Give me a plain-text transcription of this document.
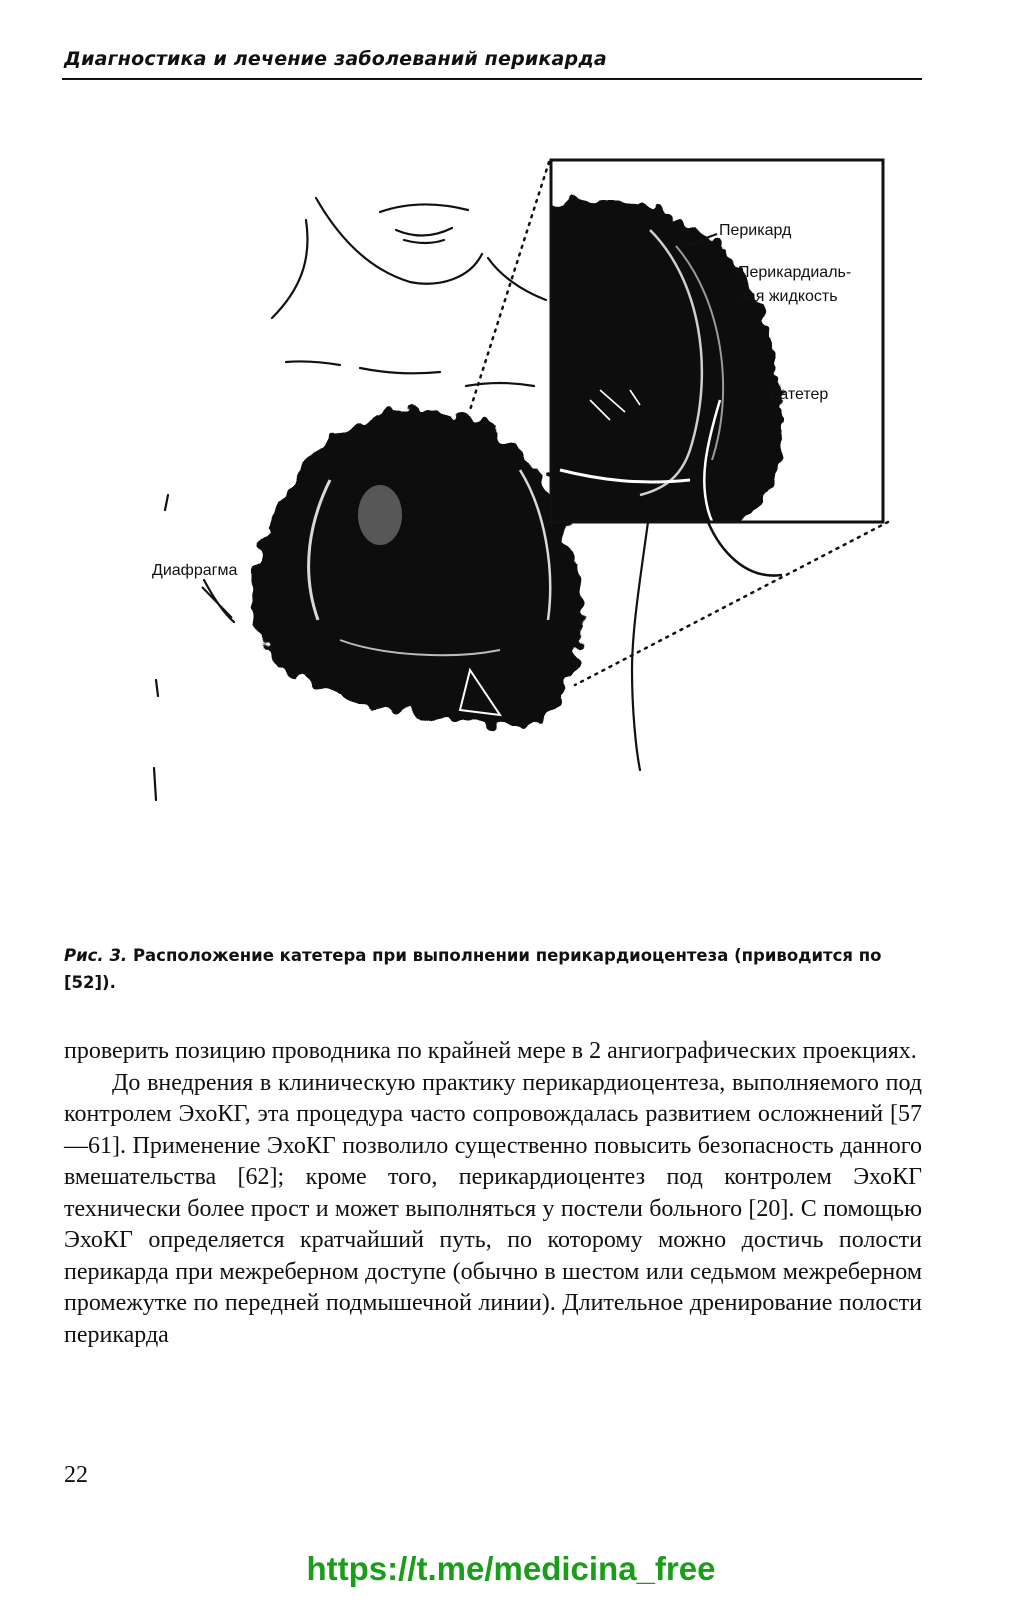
Диагностика и лечение заболеваний перикарда
Перикард
Перикардиаль-
ная жидкость
Катетер
Диафрагма
Рис. 3. Расположение катетера при выполнении перикардиоцентеза (приводится по [52]).

проверить позицию проводника по крайней мере в 2 ангиографических проекциях.

До внедрения в клиническую практику перикардиоцентеза, выполняемого под контролем ЭхоКГ, эта процедура часто сопровождалась развитием осложнений [57—61]. Применение ЭхоКГ позволило существенно повысить безопасность данного вмешательства [62]; кроме того, перикардиоцентез под контролем ЭхоКГ технически более прост и может выполняться у постели больного [20]. С помощью ЭхоКГ определяется кратчайший путь, по которому можно достичь полости перикарда при межреберном доступе (обычно в шестом или седьмом межреберном промежутке по передней подмышечной линии). Длительное дренирование полости перикарда

22
https://t.me/medicina_free
